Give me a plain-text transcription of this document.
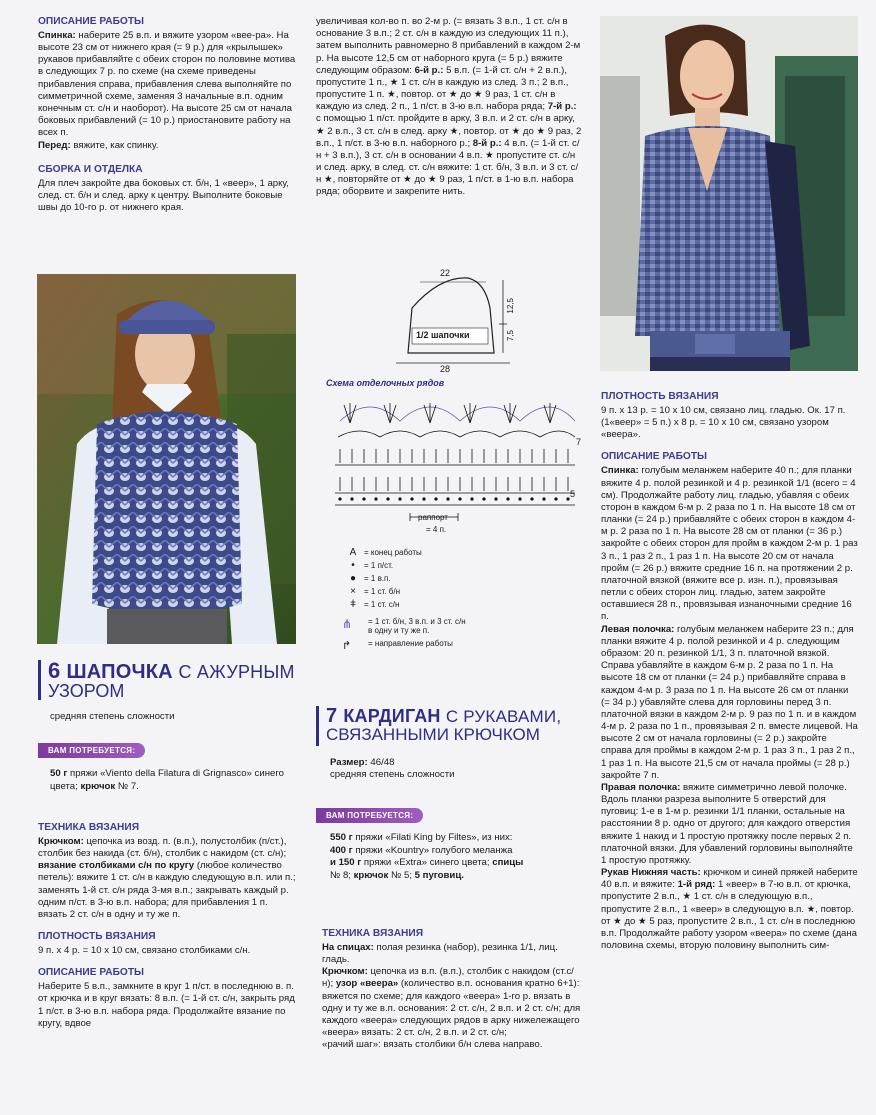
ОПИСАНИЕ РАБОТЫ

Спинка: наберите 25 в.п. и вяжите узором «вее-ра». На высоте 23 см от нижнего края (= 9 р.) для «крылышек» рукавов прибавляйте с обеих сторон по половине мотива в следующих 7 р. по схеме (на схеме приведены прибавления справа, прибавления слева выполняйте по симметричной схеме, заменяя 3 начальные в.п. одним конечным ст. с/н и наоборот). На высоте 25 см от начала боковых прибавлений (= 10 р.) приостановите работу на всех п.

Перед: вяжите, как спинку.

СБОРКА И ОТДЕЛКА

Для плеч закройте два боковых ст. б/н, 1 «веер», 1 арку, след. ст. б/н и след. арку к центру. Выполните боковые швы до 10-го р. от нижнего края.

6 ШАПОЧКА С АЖУРНЫМ
УЗОРОМ
средняя степень сложности
ВАМ ПОТРЕБУЕТСЯ:
50 г пряжи «Viento della Filatura di Grignasco» синего цвета; крючок № 7.
ТЕХНИКА ВЯЗАНИЯ

Крючком: цепочка из возд. п. (в.п.), полустолбик (п/ст.), столбик без накида (ст. б/н), столбик с накидом (ст. с/н);

вязание столбиками с/н по кругу (любое количество петель): вяжите 1 ст. с/н в каждую следующую в.п. или п.; заменять 1-й ст. с/н ряда 3-мя в.п.; закрывать каждый р. одним п/ст. в 3-ю в.п. набора; для прибавления 1 п. вязать 2 ст. с/н в одну и ту же п.

ПЛОТНОСТЬ ВЯЗАНИЯ

9 п. х 4 р. = 10 х 10 см, связано столбиками с/н.

ОПИСАНИЕ РАБОТЫ

Наберите 5 в.п., замкните в круг 1 п/ст. в последнюю в. п. от крючка и в круг вязать: 8 в.п. (= 1-й ст. с/н, закрыть ряд 1 п/ст. в 3-ю в.п. набора ряда. Продолжайте вязание по кругу, вдвое

увеличивая кол-во п. во 2-м р. (= вязать 3 в.п., 1 ст. с/н в основание 3 в.п.; 2 ст. с/н в каждую из следующих 11 п.), затем выполнить равномерно 8 прибавлений в каждом 2-м р. На высоте 12,5 см от наборного круга (= 5 р.) вяжите следующим образом: 6-й р.: 5 в.п. (= 1-й ст. с/н + 2 в.п.), пропустите 1 п., ★ 1 ст. с/н в каждую из след. 3 п.; 2 в.п., пропустите 1 п. ★, повтор. от ★ до ★ 9 раз, 1 ст. с/н в каждую из след. 2 п., 1 п/ст. в 3-ю в.п. набора ряда; 7-й р.: с помощью 1 п/ст. пройдите в арку, 3 в.п. и 2 ст. с/н в арку, ★ 2 в.п., 3 ст. с/н в след. арку ★, повтор. от ★ до ★ 9 раз, 2 в.п., 1 п/ст. в 3-ю в.п. наборного р.; 8-й р.: 4 в.п. (= 1-й ст. с/н + 3 в.п.), 3 ст. с/н в основании 4 в.п. ★ пропустите ст. с/н и след. арку, в след. ст. с/н вяжите: 1 ст. б/н, 3 в.п. и 3 ст. с/н ★, повторяйте от ★ до ★ 9 раз, 1 п/ст. в 1-ю в.п. набора ряда; оборвите и закрепите нить.

22
28
12,5
7,5
1/2 шапочки
Схема отделочных рядов
7
5
раппорт
= 4 п.
A = конец работы
•	= 1 п/ст.
● = 1 в.п.
×	= 1 ст. б/н
ǂ	= 1 ст. с/н
⋔	= 1 ст. б/н, 3 в.п. и 3 ст. с/н
в одну и ту же п.
↱	= направление работы
7 КАРДИГАН С РУКАВАМИ,
СВЯЗАННЫМИ КРЮЧКОМ
Размер: 46/48
средняя степень сложности
ВАМ ПОТРЕБУЕТСЯ:
550 г пряжи «Filati King by Filtes», из них:
400 г пряжи «Kountry» голубого меланжа
и 150 г пряжи «Extra» синего цвета; спицы
№ 8; крючок № 5; 5 пуговиц.
ТЕХНИКА ВЯЗАНИЯ

На спицах: полая резинка (набор), резинка 1/1, лиц. гладь.

Крючком: цепочка из в.п. (в.п.), столбик с накидом (ст.с/н); узор «веера» (количество в.п. основания кратно 6+1): вяжется по схеме; для каждого «веера» 1-го р. вязать в одну и ту же в.п. основания: 2 ст. с/н, 2 в.п. и 2 ст. с/н; для каждого «веера» следующих рядов в арку нижележащего «веера» вязать: 2 ст. с/н, 2 в.п. и 2 ст. с/н;

«рачий шаг»: вязать столбики б/н слева направо.

ПЛОТНОСТЬ ВЯЗАНИЯ

9 п. х 13 р. = 10 х 10 см, связано лиц. гладью. Ок. 17 п. (1«веер» = 5 п.) х 8 р. = 10 х 10 см, связано узором «веера».

ОПИСАНИЕ РАБОТЫ

Спинка: голубым меланжем наберите 40 п.; для планки вяжите 4 р. полой резинкой и 4 р. резинкой 1/1 (всего = 4 см). Продолжайте работу лиц. гладью, убавляя с обеих сторон в каждом 6-м р. 2 раза по 1 п. На высоте 18 см от планки (= 24 р.) прибавляйте с обеих сторон в каждом 4-м р. 2 раза по 1 п. На высоте 28 см от планки (= 36 р.) закройте с обеих сторон для пройм в каждом 2-м р. 1 раз 3 п., 1 раз 2 п., 1 раз 1 п. На высоте 20 см от начала пройм (= 26 р.) вяжите средние 16 п. на протяжении 2 р. платочной вязкой (вяжите все р. изн. п.), провязывая петли с обеих сторон лиц. гладью, затем закройте оставшиеся 28 п., провязывая изнаночными средние 16 п.

Левая полочка: голубым меланжем наберите 23 п.; для планки вяжите 4 р. полой резинкой и 4 р. следующим образом: 20 п. резинкой 1/1, 3 п. платочной вязкой. Справа убавляйте в каждом 6-м р. 2 раза по 1 п. На высоте 18 см от планки (= 24 р.) прибавляйте справа в каждом 4-м р. 3 раза по 1 п. На высоте 26 см от планки (= 34 р.) убавляйте слева для горловины перед 3 п. платочной вязки в каждом 2-м р. 9 раз по 1 п. и в каждом 4-м р. 2 раза по 1 п., провязывая 2 п. вместе лицевой. На высоте 2 см от начала горловины (= 2 р.) закройте справа для проймы в каждом 2-м р. 1 раз 3 п., 1 раз 2 п., 1 раз 1 п. На высоте 21,5 см от начала проймы (= 28 р.) закройте 7 п.

Правая полочка: вяжите симметрично левой полочке. Вдоль планки разреза выполните 5 отверстий для пуговиц: 1-е в 1-м р. резинки 1/1 планки, остальные на расстоянии 8 р. одно от другого; для каждого отверстия вяжите 1 накид и 1 простую протяжку после первых 2 п. платочной вязки. Для убавлений горловины выполняйте 1 простую протяжку.

Рукав Нижняя часть: крючком и синей пряжей наберите 40 в.п. и вяжите: 1-й ряд: 1 «веер» в 7-ю в.п. от крючка, пропустите 2 в.п., ★ 1 ст. с/н в следующую в.п., пропустите 2 в.п., 1 «веер» в следующую в.п. ★, повтор. от ★ до ★ 5 раз, пропустите 2 в.п., 1 ст. с/н в последнюю в.п. Продолжайте работу узором «веера» по схеме (дана половина схемы, вторую половину выполнить сим-
